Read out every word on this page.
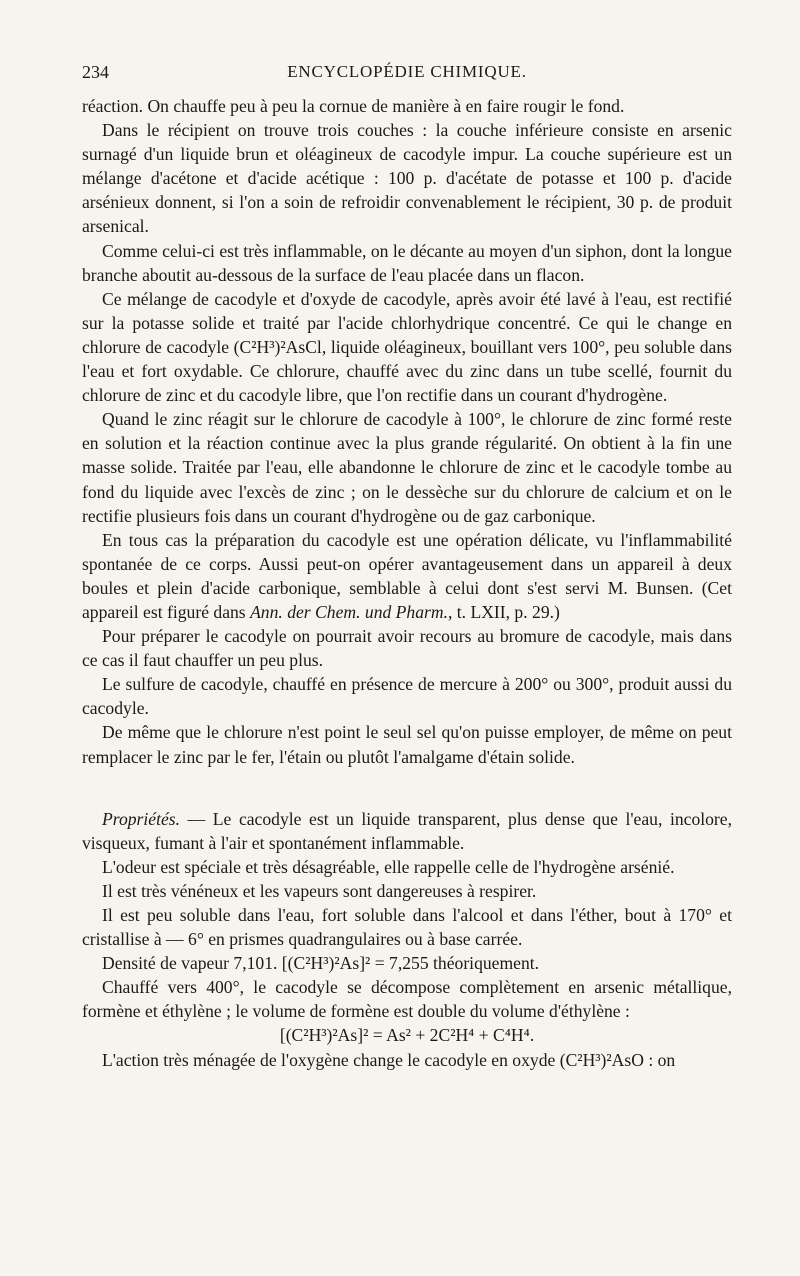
234	ENCYCLOPÉDIE CHIMIQUE.

réaction. On chauffe peu à peu la cornue de manière à en faire rougir le fond.

Dans le récipient on trouve trois couches : la couche inférieure consiste en arsenic surnagé d'un liquide brun et oléagineux de cacodyle impur. La couche supérieure est un mélange d'acétone et d'acide acétique : 100 p. d'acétate de potasse et 100 p. d'acide arsénieux donnent, si l'on a soin de refroidir convenablement le récipient, 30 p. de produit arsenical.

Comme celui-ci est très inflammable, on le décante au moyen d'un siphon, dont la longue branche aboutit au-dessous de la surface de l'eau placée dans un flacon.

Ce mélange de cacodyle et d'oxyde de cacodyle, après avoir été lavé à l'eau, est rectifié sur la potasse solide et traité par l'acide chlorhydrique concentré. Ce qui le change en chlorure de cacodyle (C²H³)²AsCl, liquide oléagineux, bouillant vers 100°, peu soluble dans l'eau et fort oxydable. Ce chlorure, chauffé avec du zinc dans un tube scellé, fournit du chlorure de zinc et du cacodyle libre, que l'on rectifie dans un courant d'hydrogène.

Quand le zinc réagit sur le chlorure de cacodyle à 100°, le chlorure de zinc formé reste en solution et la réaction continue avec la plus grande régularité. On obtient à la fin une masse solide. Traitée par l'eau, elle abandonne le chlorure de zinc et le cacodyle tombe au fond du liquide avec l'excès de zinc ; on le dessèche sur du chlorure de calcium et on le rectifie plusieurs fois dans un courant d'hydrogène ou de gaz carbonique.

En tous cas la préparation du cacodyle est une opération délicate, vu l'inflammabilité spontanée de ce corps. Aussi peut-on opérer avantageusement dans un appareil à deux boules et plein d'acide carbonique, semblable à celui dont s'est servi M. Bunsen. (Cet appareil est figuré dans Ann. der Chem. und Pharm., t. LXII, p. 29.)

Pour préparer le cacodyle on pourrait avoir recours au bromure de cacodyle, mais dans ce cas il faut chauffer un peu plus.

Le sulfure de cacodyle, chauffé en présence de mercure à 200° ou 300°, produit aussi du cacodyle.

De même que le chlorure n'est point le seul sel qu'on puisse employer, de même on peut remplacer le zinc par le fer, l'étain ou plutôt l'amalgame d'étain solide.

Propriétés. — Le cacodyle est un liquide transparent, plus dense que l'eau, incolore, visqueux, fumant à l'air et spontanément inflammable.

L'odeur est spéciale et très désagréable, elle rappelle celle de l'hydrogène arsénié.

Il est très vénéneux et les vapeurs sont dangereuses à respirer.

Il est peu soluble dans l'eau, fort soluble dans l'alcool et dans l'éther, bout à 170° et cristallise à — 6° en prismes quadrangulaires ou à base carrée.

Densité de vapeur 7,101. [(C²H³)²As]² = 7,255 théoriquement.

Chauffé vers 400°, le cacodyle se décompose complètement en arsenic métallique, formène et éthylène ; le volume de formène est double du volume d'éthylène :

[(C²H³)²As]² = As² + 2C²H⁴ + C⁴H⁴.

L'action très ménagée de l'oxygène change le cacodyle en oxyde (C²H³)²AsO : on
